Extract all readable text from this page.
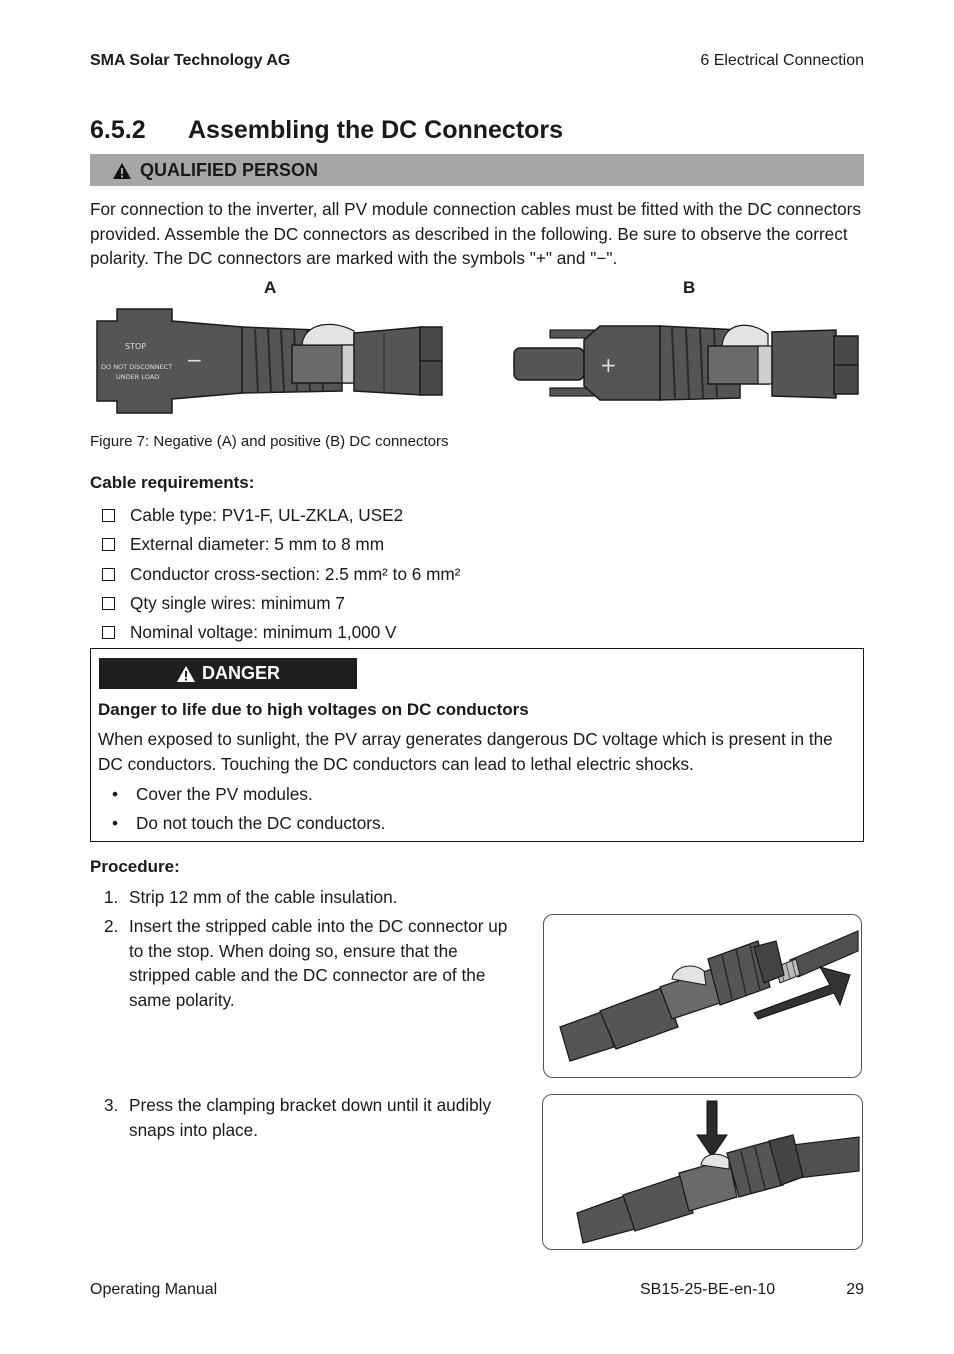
SMA Solar Technology AG	6 Electrical Connection
6.5.2 Assembling the DC Connectors
QUALIFIED PERSON
For connection to the inverter, all PV module connection cables must be fitted with the DC connectors provided. Assemble the DC connectors as described in the following. Be sure to observe the correct polarity. The DC connectors are marked with the symbols "+" and "−".
A	B
STOP
DO NOT DISCONNECT
UNDER LOAD
−	+
Figure 7: Negative (A) and positive (B) DC connectors
Cable requirements:
Cable type: PV1-F, UL-ZKLA, USE2
External diameter: 5 mm to 8 mm
Conductor cross-section: 2.5 mm² to 6 mm²
Qty single wires: minimum 7
Nominal voltage: minimum 1,000 V
DANGER
Danger to life due to high voltages on DC conductors
When exposed to sunlight, the PV array generates dangerous DC voltage which is present in the DC conductors. Touching the DC conductors can lead to lethal electric shocks.
•	Cover the PV modules.
•	Do not touch the DC conductors.
Procedure:
1. Strip 12 mm of the cable insulation.
2. Insert the stripped cable into the DC connector up to the stop. When doing so, ensure that the stripped cable and the DC connector are of the same polarity.
3. Press the clamping bracket down until it audibly snaps into place.
Operating Manual	SB15-25-BE-en-10	29
